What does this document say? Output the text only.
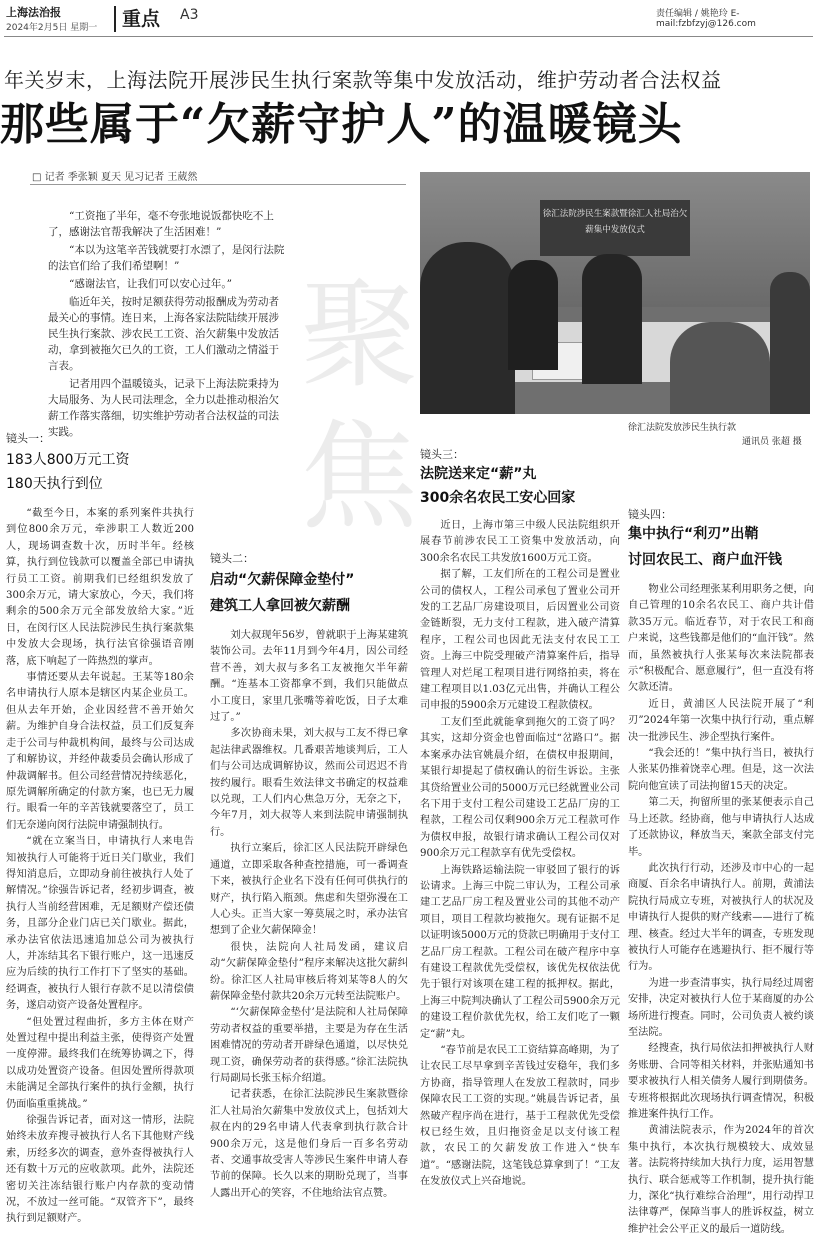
上海法治报
2024年2月5日 星期一 重点 A3	责任编辑 / 姚艳玲 E-mail:fzbfzyj@126.com
年关岁末，上海法院开展涉民生执行案款等集中发放活动，维护劳动者合法权益
那些属于“欠薪守护人”的温暖镜头
□ 记者 季张颖 夏天 见习记者 王葳然

“工资拖了半年，毫不夸张地说饭都快吃不上了，感谢法官帮我解决了生活困难！”

“本以为这笔辛苦钱就要打水漂了，是闵行法院的法官们给了我们希望啊！”

“感谢法官，让我们可以安心过年。”

临近年关，按时足额获得劳动报酬成为劳动者最关心的事情。连日来，上海各家法院陆续开展涉民生执行案款、涉农民工工资、治欠薪集中发放活动，拿到被拖欠已久的工资，工人们激动之情溢于言表。

记者用四个温暖镜头，记录下上海法院秉持为大局服务、为人民司法理念，全力以赴推动根治欠薪工作落实落细，切实维护劳动者合法权益的司法实践。

聚
焦
徐汇法院涉民生案款暨徐汇人社局治欠薪集中发放仪式
徐汇法院发放涉民生执行款
通讯员 张超 摄
镜头一：
183人800万元工资
180天执行到位

“截至今日，本案的系列案件共执行到位800余万元，牵涉职工人数近200人，现场调查数十次，历时半年。经核算，执行到位钱款可以覆盖全部已申请执行员工工资。前期我们已经组织发放了300余万元，请大家放心，今天，我们将剩余的500余万元全部发放给大家。”近日，在闵行区人民法院涉民生执行案款集中发放大会现场，执行法官徐强语音刚落，底下响起了一阵热烈的掌声。

事情还要从去年说起。王某等180余名申请执行人原本是辖区内某企业员工。但从去年开始，企业因经营不善开始欠薪。为维护自身合法权益，员工们反复奔走于公司与仲裁机构间，最终与公司达成了和解协议，并经仲裁委员会确认形成了仲裁调解书。但公司经营情况持续恶化，原先调解所确定的付款方案，也已无力履行。眼看一年的辛苦钱就要落空了，员工们无奈递向闵行法院申请强制执行。

“就在立案当日，申请执行人来电告知被执行人可能将于近日关门歇业，我们得知消息后，立即动身前往被执行人处了解情况。”徐强告诉记者，经初步调查，被执行人当前经营困难，无足额财产偿还债务，且部分企业门店已关门歇业。据此，承办法官依法迅速追加总公司为被执行人，并冻结其名下银行账户，这一迅速反应为后续的执行工作打下了坚实的基础。经调查，被执行人银行存款不足以清偿债务，遂启动资产设备处置程序。

“但处置过程曲折，多方主体在财产处置过程中提出利益主张，使得资产处置一度停滞。最终我们在统筹协调之下，得以成功处置资产设备。但因处置所得款项未能满足全部执行案件的执行金额，执行仍面临重重挑战。”

徐强告诉记者，面对这一情形，法院始终未放弃搜寻被执行人名下其他财产线索，历经多次的调查，意外查得被执行人还有数十万元的应收款项。此外，法院还密切关注冻结银行账户内存款的变动情况，不放过一丝可能。“双管齐下”，最终执行到足额财产。

镜头二：
启动“欠薪保障金垫付”
建筑工人拿回被欠薪酬

刘大叔现年56岁，曾就职于上海某建筑装饰公司。去年11月到今年4月，因公司经营不善，刘大叔与多名工友被拖欠半年薪酬。“连基本工资都拿不到，我们只能做点小工度日，家里几张嘴等着吃饭，日子太难过了。”

多次协商未果，刘大叔与工友不得已拿起法律武器维权。几番艰苦地谈判后，工人们与公司达成调解协议，然而公司迟迟不肯按约履行。眼看生效法律文书确定的权益难以兑现，工人们内心焦急万分，无奈之下，今年7月，刘大叔等人来到法院申请强制执行。

执行立案后，徐汇区人民法院开辟绿色通道，立即采取各种查控措施，可一番调查下来，被执行企业名下没有任何可供执行的财产，执行陷入瓶颈。焦虑和失望弥漫在工人心头。正当大家一筹莫展之时，承办法官想到了企业欠薪保障金！

很快，法院向人社局发函，建议启动“欠薪保障金垫付”程序来解决这批欠薪纠纷。徐汇区人社局审核后将刘某等8人的欠薪保障金垫付款共20余万元转至法院账户。

“‘欠薪保障金垫付’是法院和人社局保障劳动者权益的重要举措，主要是为存在生活困难情况的劳动者开辟绿色通道，以尽快兑现工资，确保劳动者的获得感。”徐汇法院执行局副局长张玉标介绍道。

记者获悉，在徐汇法院涉民生案款暨徐汇人社局治欠薪集中发放仪式上，包括刘大叔在内的29名申请人代表拿到执行款合计900余万元，这是他们身后一百多名劳动者、交通事故受害人等涉民生案件申请人春节前的保障。长久以来的期盼兑现了，当事人露出开心的笑容，不住地给法官点赞。

镜头三：
法院送来定“薪”丸
300余名农民工安心回家

近日，上海市第三中级人民法院组织开展春节前涉农民工工资集中发放活动，向300余名农民工共发放1600万元工资。

据了解，工友们所在的工程公司是置业公司的债权人，工程公司承包了置业公司开发的工艺品厂房建设项目，后因置业公司资金链断裂，无力支付工程款，进入破产清算程序，工程公司也因此无法支付农民工工资。上海三中院受理破产清算案件后，指导管理人对烂尾工程项目进行网络拍卖，将在建工程项目以1.03亿元出售，并确认工程公司申报的5900余万元建设工程款债权。

工友们至此就能拿到拖欠的工资了吗？其实，这却分资金也曾面临过“岔路口”。据本案承办法官姚晨介绍，在债权申报期间，某银行却提起了债权确认的衍生诉讼。主张其贷给置业公司的5000万元已经就置业公司名下用于支付工程公司建设工艺品厂房的工程款，工程公司仅剩900余万元工程款可作为债权申报，故银行请求确认工程公司仅对900余万元工程款享有优先受偿权。

上海铁路运输法院一审驳回了银行的诉讼请求。上海三中院二审认为，工程公司承建工艺品厂房工程及置业公司的其他不动产项目，项目工程款均被拖欠。现有证据不足以证明该5000万元的贷款已明确用于支付工艺品厂房工程款。工程公司在破产程序中享有建设工程款优先受偿权，该优先权依法优先于银行对该项在建工程的抵押权。据此，上海三中院判决确认了工程公司5900余万元的建设工程价款优先权，给工友们吃了一颗定“薪”丸。

“春节前是农民工工资结算高峰期，为了让农民工尽早拿到辛苦钱过安稳年，我们多方协商，指导管理人在发放工程款时，同步保障农民工工资的实现。”姚晨告诉记者，虽然破产程序尚在进行，基于工程款优先受偿权已经生效，且归拖资金足以支付该工程款，农民工的欠薪发放工作进入“快车道”。“感谢法院，这笔钱总算拿到了！”工友在发放仪式上兴奋地说。

镜头四：
集中执行“利刃”出鞘
讨回农民工、商户血汗钱

物业公司经理张某利用职务之便，向自己管理的10余名农民工、商户共计借款35万元。临近春节，对于农民工和商户来说，这些钱都是他们的“血汗钱”。然而，虽然被执行人张某每次来法院都表示“积极配合、愿意履行”，但一直没有将欠款还清。

近日，黄浦区人民法院开展了“利刃”2024年第一次集中执行行动，重点解决一批涉民生、涉企型执行案件。

“我会还的！”集中执行当日，被执行人张某仍推着饶幸心理。但是，这一次法院向他宣读了司法拘留15天的决定。

第二天，拘留所里的张某便表示自己马上还款。经协商，他与申请执行人达成了还款协议，释放当天，案款全部支付完毕。

此次执行行动，还涉及市中心的一起商厦、百余名申请执行人。前期，黄浦法院执行局成立专班，对被执行人的状况及申请执行人提供的财产线索——进行了梳理、核查。经过大半年的调查，专班发现被执行人可能存在逃避执行、拒不履行等行为。

为进一步查清事实，执行局经过周密安排，决定对被执行人位于某商厦的办公场所进行搜查。同时，公司负责人被约谈至法院。

经搜查，执行局依法扣押被执行人财务账册、合同等相关材料，并张贴通知书要求被执行人相关债务人履行到期债务。专班将根据此次现场执行调查情况，积极推进案件执行工作。

黄浦法院表示，作为2024年的首次集中执行，本次执行规模较大、成效显著。法院将持续加大执行力度，运用智慧执行、联合惩戒等工作机制，提升执行能力，深化“执行难综合治理”，用行动捍卫法律尊严，保障当事人的胜诉权益，树立维护社会公平正义的最后一道防线。
